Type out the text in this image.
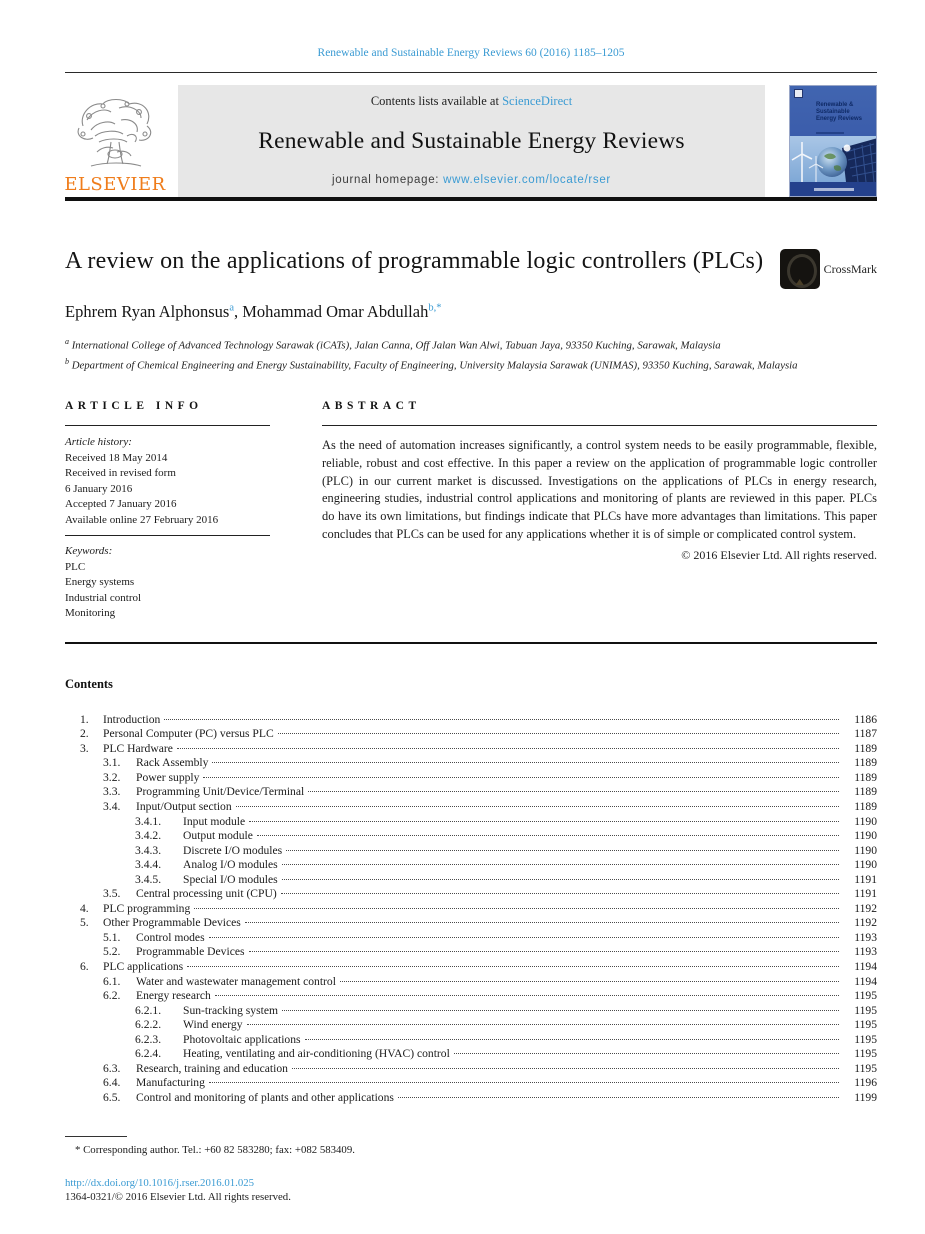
Renewable and Sustainable Energy Reviews 60 (2016) 1185–1205
ELSEVIER
Contents lists available at ScienceDirect
Renewable and Sustainable Energy Reviews
journal homepage: www.elsevier.com/locate/rser
Renewable &
Sustainable
Energy Reviews
A review on the applications of programmable logic controllers (PLCs)	CrossMark
Ephrem Ryan Alphonsus$^a$, Mohammad Omar Abdullah$^{b,*}$
$^a$ International College of Advanced Technology Sarawak (iCATs), Jalan Canna, Off Jalan Wan Alwi, Tabuan Jaya, 93350 Kuching, Sarawak, Malaysia
$^b$ Department of Chemical Engineering and Energy Sustainability, Faculty of Engineering, University Malaysia Sarawak (UNIMAS), 93350 Kuching, Sarawak, Malaysia
ARTICLE INFO
Article history:
Received 18 May 2014
Received in revised form
6 January 2016
Accepted 7 January 2016
Available online 27 February 2016
Keywords:
PLC
Energy systems
Industrial control
Monitoring
ABSTRACT
As the need of automation increases significantly, a control system needs to be easily programmable, flexible, reliable, robust and cost effective. In this paper a review on the application of programmable logic controller (PLC) in our current market is discussed. Investigations on the applications of PLCs in energy research, engineering studies, industrial control applications and monitoring of plants are reviewed in this paper. PLCs do have its own limitations, but findings indicate that PLCs have more advantages than limitations. This paper concludes that PLCs can be used for any applications whether it is of simple or complicated control system.
© 2016 Elsevier Ltd. All rights reserved.
Contents
1.	Introduction	1186
2.	Personal Computer (PC) versus PLC	1187
3.	PLC Hardware	1189
3.1.	Rack Assembly	1189
3.2.	Power supply	1189
3.3.	Programming Unit/Device/Terminal	1189
3.4.	Input/Output section	1189
3.4.1.	Input module	1190
3.4.2.	Output module	1190
3.4.3.	Discrete I/O modules	1190
3.4.4.	Analog I/O modules	1190
3.4.5.	Special I/O modules	1191
3.5.	Central processing unit (CPU)	1191
4.	PLC programming	1192
5.	Other Programmable Devices	1192
5.1.	Control modes	1193
5.2.	Programmable Devices	1193
6.	PLC applications	1194
6.1.	Water and wastewater management control	1194
6.2.	Energy research	1195
6.2.1.	Sun-tracking system	1195
6.2.2.	Wind energy	1195
6.2.3.	Photovoltaic applications	1195
6.2.4.	Heating, ventilating and air-conditioning (HVAC) control	1195
6.3.	Research, training and education	1195
6.4.	Manufacturing	1196
6.5.	Control and monitoring of plants and other applications	1199
* Corresponding author. Tel.: +60 82 583280; fax: +082 583409.
http://dx.doi.org/10.1016/j.rser.2016.01.025
1364-0321/© 2016 Elsevier Ltd. All rights reserved.
